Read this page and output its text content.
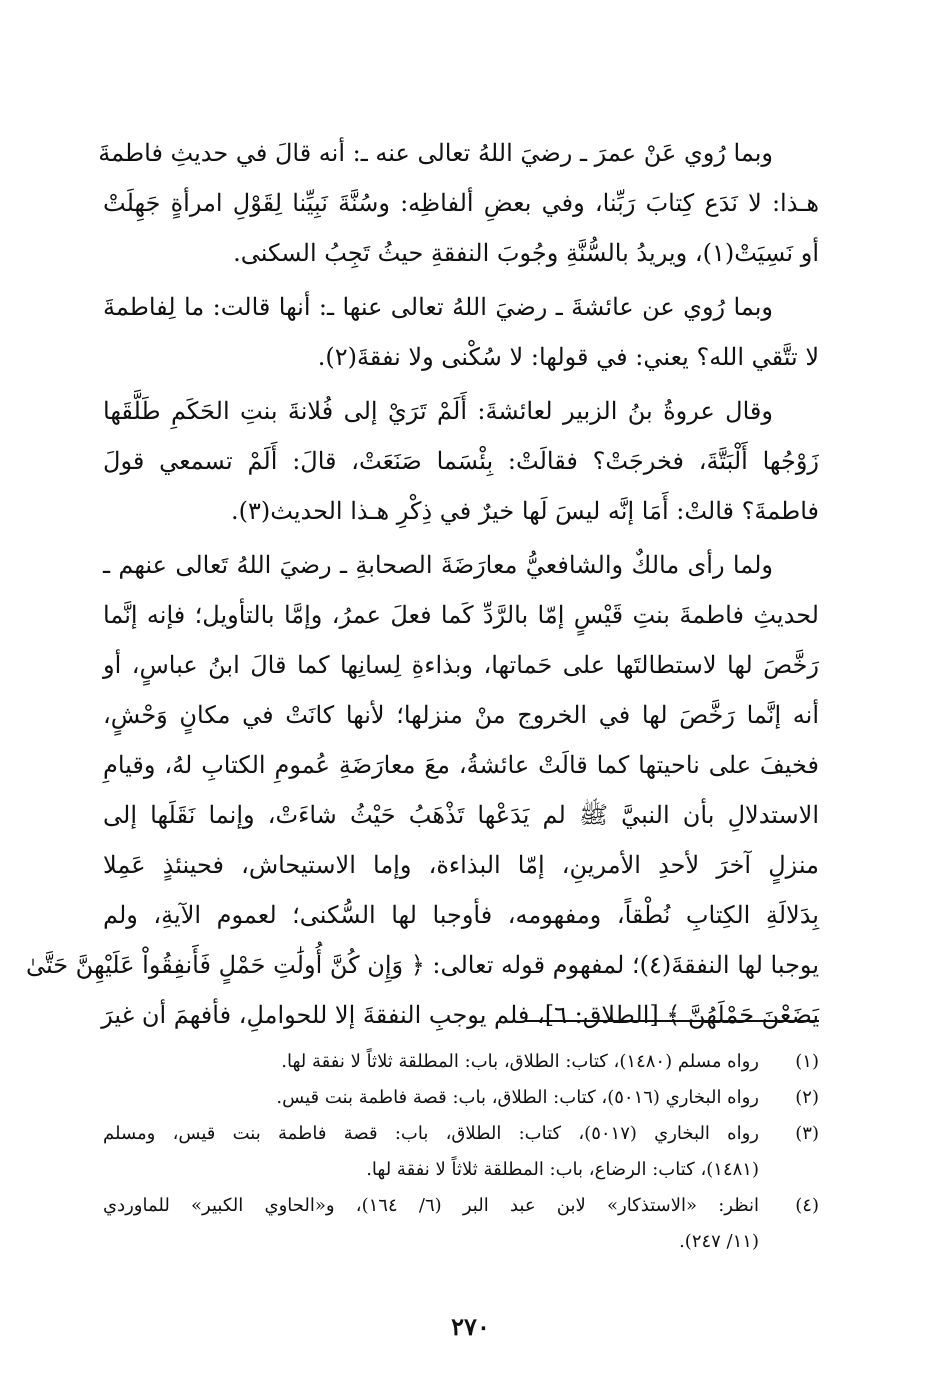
وبما رُوي عَنْ عمرَ ـ رضيَ اللهُ تعالى عنه ـ: أنه قالَ في حديثِ فاطمةَ
هـذا: لا نَدَع كِتابَ رَبِّنا، وفي بعضِ ألفاظِه: وسُنَّةَ نَبِيِّنا لِقَوْلِ امرأةٍ جَهِلَتْ
أو نَسِيَتْ(١)، ويريدُ بالسُّنَّةِ وجُوبَ النفقةِ حيثُ تَجِبُ السكنى.
وبما رُوي عن عائشةَ ـ رضيَ اللهُ تعالى عنها ـ: أنها قالت: ما لِفاطمةَ
لا تتَّقي الله؟ يعني: في قولها: لا سُكْنى ولا نفقةَ(٢).
وقال عروةُ بنُ الزبير لعائشةَ: أَلَمْ تَرَيْ إلى فُلانةَ بنتِ الحَكَمِ طَلَّقَها
زَوْجُها أَلْبَتَّةَ، فخرجَتْ؟ فقالَتْ: بِئْسَما صَنَعَتْ، قالَ: أَلَمْ تسمعي قولَ
فاطمةَ؟ قالتْ: أَمَا إنَّه ليسَ لَها خيرٌ في ذِكْرِ هـذا الحديث(٣).
ولما رأى مالكٌ والشافعيُّ معارَضَةَ الصحابةِ ـ رضيَ اللهُ تَعالى عنهم ـ
لحديثِ فاطمةَ بنتِ قَيْسٍ إمّا بالرَّدِّ كَما فعلَ عمرُ، وإمَّا بالتأويل؛ فإنه إنَّما
رَخَّصَ لها لاستطالتَها على حَماتها، وبذاءةِ لِسانِها كما قالَ ابنُ عباسٍ، أو
أنه إنَّما رَخَّصَ لها في الخروج منْ منزلها؛ لأنها كانَتْ في مكانٍ وَحْشٍ،
فخيفَ على ناحيتها كما قالَتْ عائشةُ، معَ معارَضَةِ عُمومِ الكتابِ لهُ، وقيامِ
الاستدلالِ بأن النبيَّ ﷺ لم يَدَعْها تَذْهَبُ حَيْثُ شاءَتْ، وإنما نَقَلَها إلى
منزلٍ آخرَ لأحدِ الأمرينِ، إمّا البذاءة، وإما الاستيحاش، فحينئذٍ عَمِلا
بِدَلالَةِ الكِتابِ نُطْقاً، ومفهومه، فأوجبا لها السُّكنى؛ لعموم الآيةِ، ولم
يوجبا لها النفقةَ(٤)؛ لمفهوم قوله تعالى: ﴿ وَإِن كُنَّ أُولَٰتِ حَمْلٍ فَأَنفِقُواْ عَلَيْهِنَّ حَتَّىٰ
يَضَعْنَ حَمْلَهُنَّ ﴾ [الطلاق: ٦]، فلم يوجبِ النفقةَ إلا للحواملِ، فأفهمَ أن غيرَ
(١)رواه مسلم (١٤٨٠)، كتاب: الطلاق، باب: المطلقة ثلاثاً لا نفقة لها.
(٢)رواه البخاري (٥٠١٦)، كتاب: الطلاق، باب: قصة فاطمة بنت قيس.
(٣)رواه البخاري (٥٠١٧)، كتاب: الطلاق، باب: قصة فاطمة بنت قيس، ومسلم
(١٤٨١)، كتاب: الرضاع، باب: المطلقة ثلاثاً لا نفقة لها.
(٤)انظر: «الاستذكار» لابن عبد البر (٦/ ١٦٤)، و«الحاوي الكبير» للماوردي
(١١/ ٢٤٧).
٢٧٠
